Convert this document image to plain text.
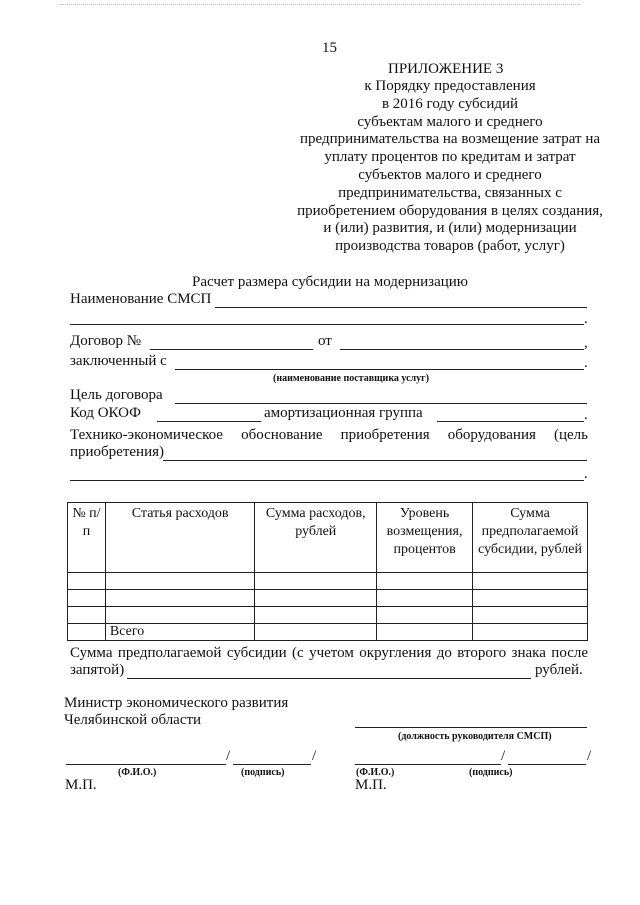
15
ПРИЛОЖЕНИЕ 3
к Порядку предоставления
в 2016 году субсидий
субъектам малого и среднего
предпринимательства на возмещение затрат на
уплату процентов по кредитам и затрат
субъектов малого и среднего
предпринимательства, связанных с
приобретением оборудования в целях создания,
и (или) развития, и (или) модернизации
производства товаров (работ, услуг)
Расчет размера субсидии на модернизацию
Наименование СМСП
.
Договор №	от	,
заключенный с	.
(наименование поставщика услуг)
Цель договора
Код ОКОФ	амортизационная группа	.
Технико-экономическое обоснование приобретения оборудования (цель
приобретения)
.
№ п/п	Статья расходов	Сумма расходов, рублей	Уровень возмещения, процентов	Сумма предполагаемой субсидии, рублей

	Всего			
Сумма предполагаемой субсидии (с учетом округления до второго знака после
запятой)	рублей.
Министр экономического развития
Челябинской области
(должность руководителя СМСП)
/	/
(Ф.И.О.)	(подпись)
М.П.
/	/
(Ф.И.О.)	(подпись)
М.П.
